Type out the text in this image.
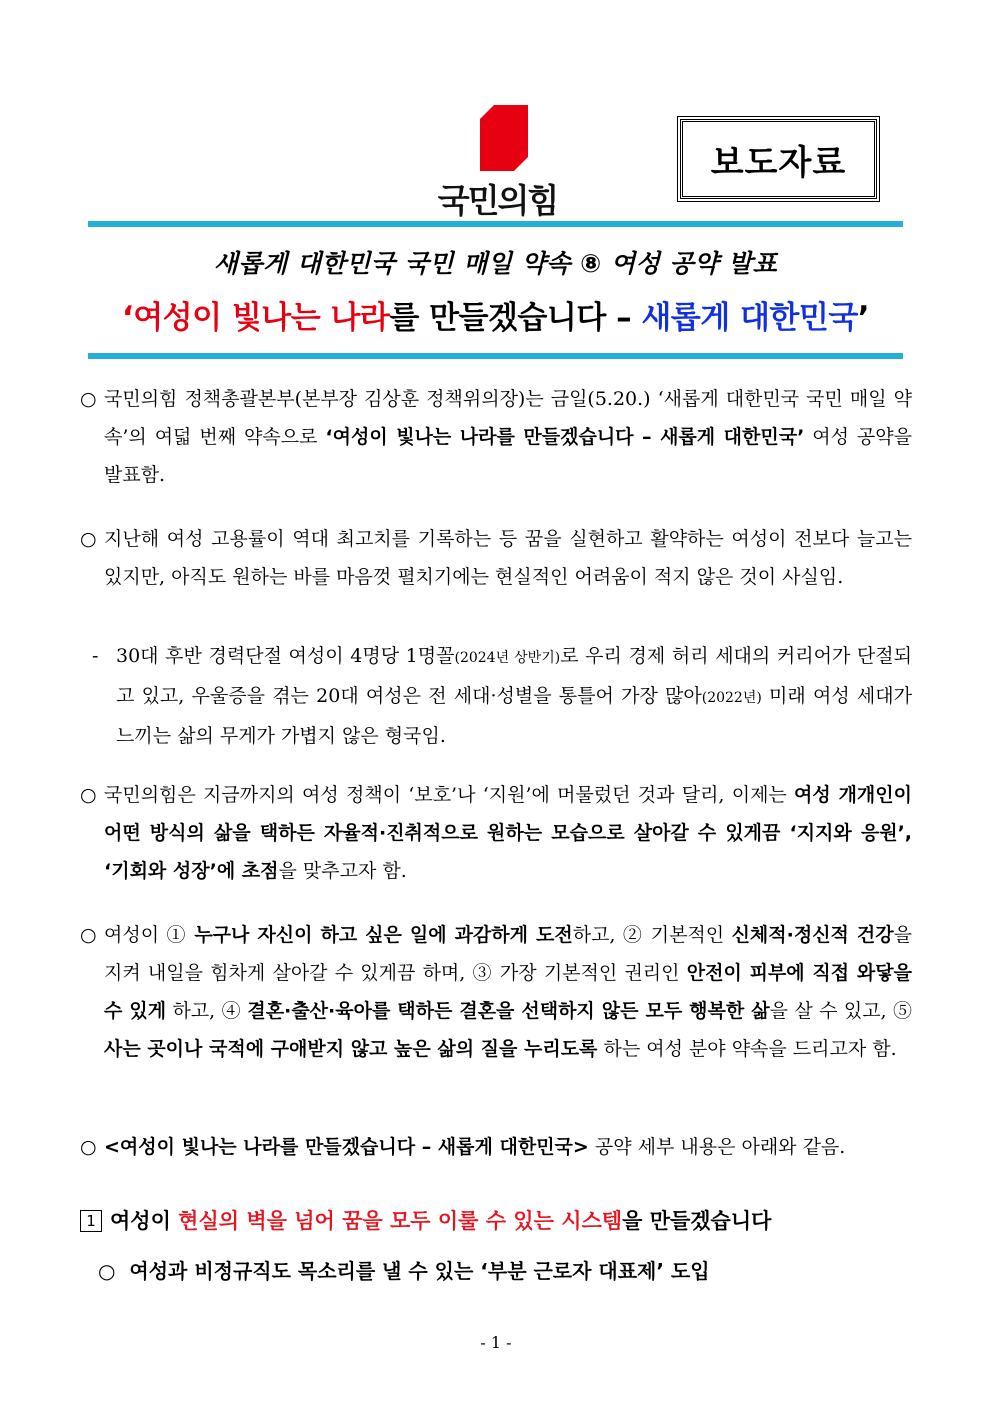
국민의힘
보도자료
새롭게 대한민국 국민 매일 약속 ⑧ 여성 공약 발표
‘여성이 빛나는 나라를 만들겠습니다 – 새롭게 대한민국’
○ 국민의힘 정책총괄본부(본부장 김상훈 정책위의장)는 금일(5.20.) ‘새롭게 대한민국 국민 매일 약속’의 여덟 번째 약속으로 ‘여성이 빛나는 나라를 만들겠습니다 – 새롭게 대한민국’ 여성 공약을 발표함.
○ 지난해 여성 고용률이 역대 최고치를 기록하는 등 꿈을 실현하고 활약하는 여성이 전보다 늘고는 있지만, 아직도 원하는 바를 마음껏 펼치기에는 현실적인 어려움이 적지 않은 것이 사실임.
- 30대 후반 경력단절 여성이 4명당 1명꼴(2024년 상반기)로 우리 경제 허리 세대의 커리어가 단절되고 있고, 우울증을 겪는 20대 여성은 전 세대·성별을 통틀어 가장 많아(2022년) 미래 여성 세대가 느끼는 삶의 무게가 가볍지 않은 형국임.
○ 국민의힘은 지금까지의 여성 정책이 ‘보호’나 ‘지원’에 머물렀던 것과 달리, 이제는 여성 개개인이 어떤 방식의 삶을 택하든 자율적·진취적으로 원하는 모습으로 살아갈 수 있게끔 ‘지지와 응원’, ‘기회와 성장’에 초점을 맞추고자 함.
○ 여성이 ① 누구나 자신이 하고 싶은 일에 과감하게 도전하고, ② 기본적인 신체적·정신적 건강을 지켜 내일을 힘차게 살아갈 수 있게끔 하며, ③ 가장 기본적인 권리인 안전이 피부에 직접 와닿을 수 있게 하고, ④ 결혼·출산·육아를 택하든 결혼을 선택하지 않든 모두 행복한 삶을 살 수 있고, ⑤ 사는 곳이나 국적에 구애받지 않고 높은 삶의 질을 누리도록 하는 여성 분야 약속을 드리고자 함.
○ <여성이 빛나는 나라를 만들겠습니다 – 새롭게 대한민국> 공약 세부 내용은 아래와 같음.
1 여성이 현실의 벽을 넘어 꿈을 모두 이룰 수 있는 시스템을 만들겠습니다
○ 여성과 비정규직도 목소리를 낼 수 있는 ‘부분 근로자 대표제’ 도입
- 1 -
